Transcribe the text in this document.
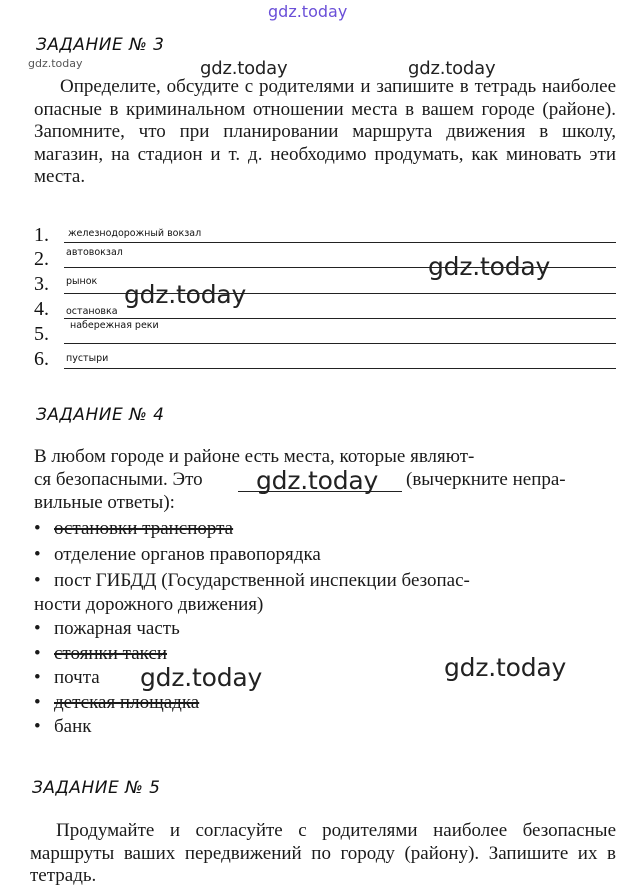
gdz.today
gdz.today
ЗАДАНИЕ № 3
gdz.today	gdz.today
Определите, обсудите с родителями и запишите в тетрадь наиболее опасные в криминальном отношении места в вашем городе (районе). Запомните, что при планировании маршрута движения в школу, магазин, на стадион и т. д. необходимо продумать, как миновать эти места.
1.	железнодорожный вокзал
2.	автовокзал
3.	рынок
4.	остановка
5.	набережная реки
6.	пустыри
gdz.today
gdz.today
ЗАДАНИЕ № 4
В любом городе и районе есть места, которые являют-
ся безопасными. Это gdz.today (вычеркните непра-
вильные ответы):
• остановки транспорта
• отделение органов правопорядка
• пост ГИБДД (Государственной инспекции безопас-
ности дорожного движения)
• пожарная часть
• стоянки такси
• почта
• детская площадка
• банк
gdz.today
gdz.today
ЗАДАНИЕ № 5
Продумайте и согласуйте с родителями наиболее безопасные маршруты ваших передвижений по городу (району). Запишите их в тетрадь.
